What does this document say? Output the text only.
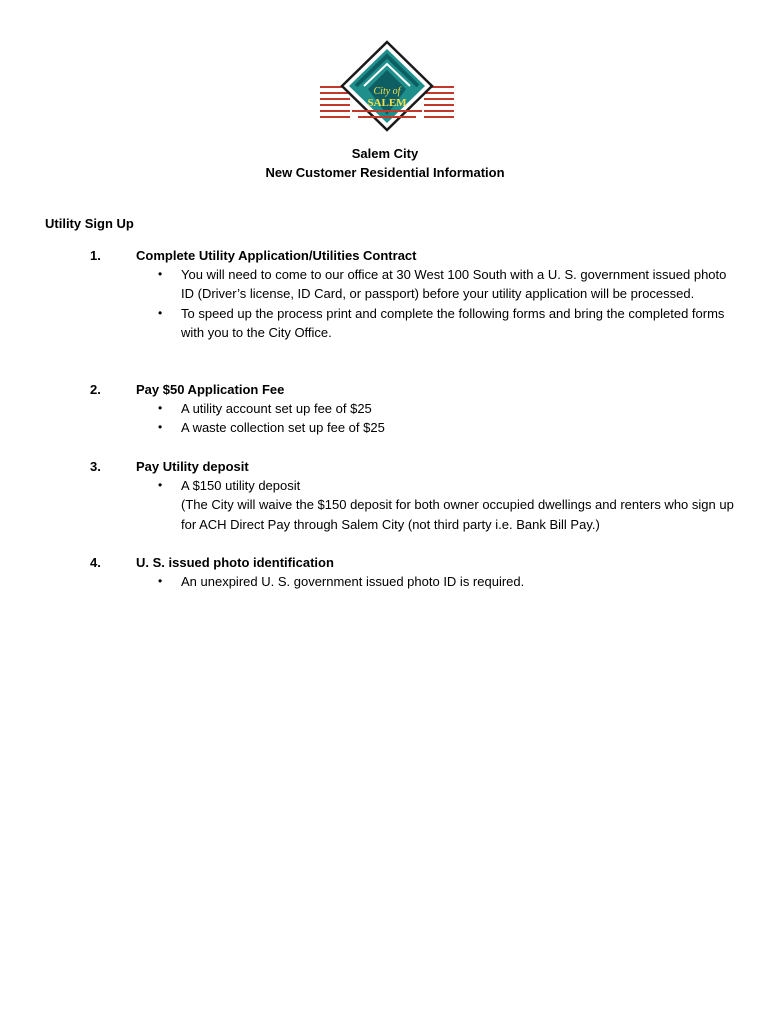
City of
SALEM
Salem City
New Customer Residential Information
Utility Sign Up
1.	Complete Utility Application/Utilities Contract
• You will need to come to our office at 30 West 100 South with a U. S. government issued photo ID (Driver’s license, ID Card, or passport) before your utility application will be processed.
• To speed up the process print and complete the following forms and bring the completed forms with you to the City Office.
2.	Pay $50 Application Fee
• A utility account set up fee of $25
• A waste collection set up fee of $25
3.	Pay Utility deposit
• A $150 utility deposit
(The City will waive the $150 deposit for both owner occupied dwellings and renters who sign up for ACH Direct Pay through Salem City (not third party i.e. Bank Bill Pay.)
4.	U. S. issued photo identification
• An unexpired U. S. government issued photo ID is required.
